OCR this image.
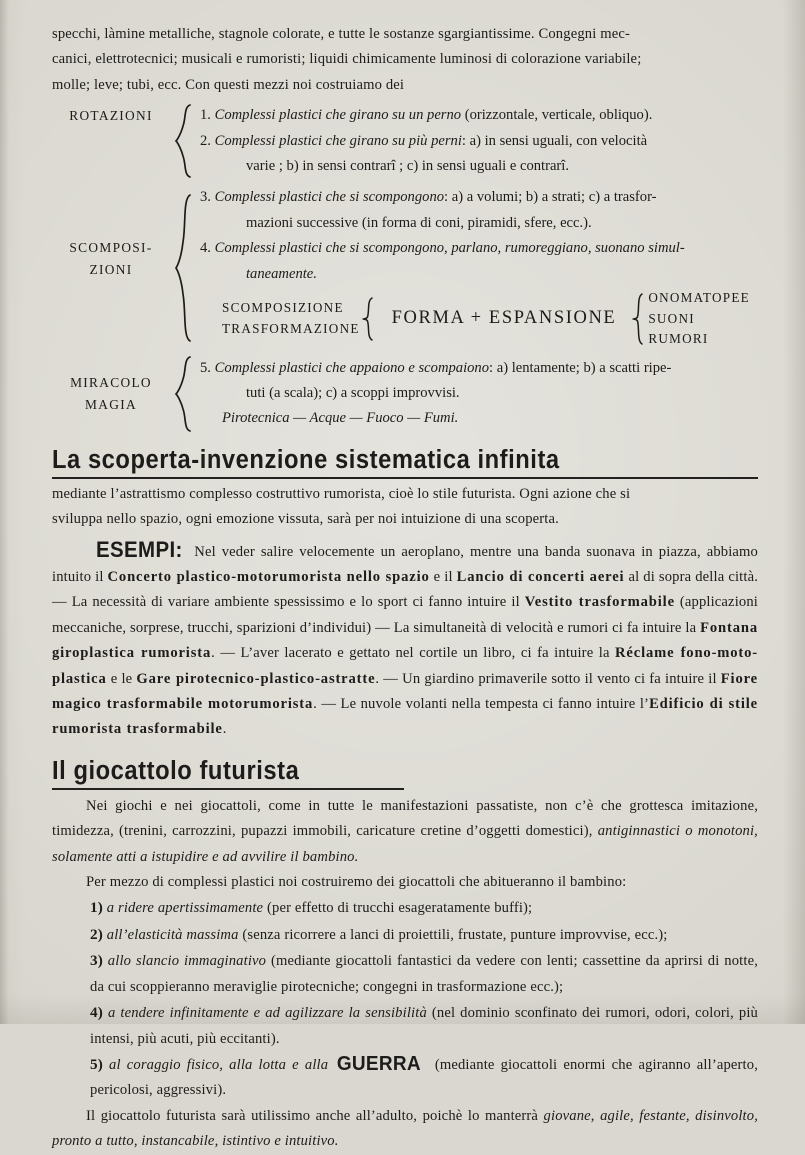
specchi, làmine metalliche, stagnole colorate, e tutte le sostanze sgargiantissime. Congegni mec-
canici, elettrotecnici; musicali e rumoristi; liquidi chimicamente luminosi di colorazione variabile;
molle; leve; tubi, ecc. Con questi mezzi noi costruiamo dei
ROTAZIONI	1. Complessi plastici che girano su un perno (orizzontale, verticale, obliquo).
2. Complessi plastici che girano su più perni: a) in sensi uguali, con velocità
varie ; b) in sensi contrarî ; c) in sensi uguali e contrarî.
SCOMPOSI-
ZIONI
3. Complessi plastici che si scompongono: a) a volumi; b) a strati; c) a trasfor-
mazioni successive (in forma di coni, piramidi, sfere, ecc.).
4. Complessi plastici che si scompongono, parlano, rumoreggiano, suonano simul-
taneamente.
SCOMPOSIZIONE
TRASFORMAZIONE
FORMA + ESPANSIONE
ONOMATOPEE
SUONI
RUMORI
MIRACOLO
MAGIA
5. Complessi plastici che appaiono e scompaiono: a) lentamente; b) a scatti ripe-
tuti (a scala); c) a scoppi improvvisi.
Pirotecnica — Acque — Fuoco — Fumi.
La scoperta-invenzione sistematica infinita
mediante l’astrattismo complesso costruttivo rumorista, cioè lo stile futurista. Ogni azione che si
sviluppa nello spazio, ogni emozione vissuta, sarà per noi intuizione di una scoperta.
ESEMPI: Nel veder salire velocemente un aeroplano, mentre una banda suonava in piazza, abbiamo intuito il Concerto plastico-motorumorista nello spazio e il Lancio di concerti aerei al di sopra della città. — La necessità di variare ambiente spessissimo e lo sport ci fanno intuire il Vestito trasformabile (applicazioni meccaniche, sorprese, trucchi, sparizioni d’individui) — La simultaneità di velocità e rumori ci fa intuire la Fontana giroplastica rumorista. — L’aver lacerato e gettato nel cortile un libro, ci fa intuire la Réclame fono-moto-plastica e le Gare pirotecnico-plastico-astratte. — Un giardino primaverile sotto il vento ci fa intuire il Fiore magico trasformabile motorumorista. — Le nuvole volanti nella tempesta ci fanno intuire l’Edificio di stile rumorista trasformabile.
Il giocattolo futurista
Nei giochi e nei giocattoli, come in tutte le manifestazioni passatiste, non c’è che grottesca imitazione, timidezza, (trenini, carrozzini, pupazzi immobili, caricature cretine d’oggetti domestici), antiginnastici o monotoni, solamente atti a istupidire e ad avvilire il bambino.
Per mezzo di complessi plastici noi costruiremo dei giocattoli che abitueranno il bambino:
1) a ridere apertissimamente (per effetto di trucchi esageratamente buffi);
2) all’elasticità massima (senza ricorrere a lanci di proiettili, frustate, punture improvvise, ecc.);
3) allo slancio immaginativo (mediante giocattoli fantastici da vedere con lenti; cassettine da aprirsi di notte, da cui scoppieranno meraviglie pirotecniche; congegni in trasformazione ecc.);
4) a tendere infinitamente e ad agilizzare la sensibilità (nel dominio sconfinato dei rumori, odori, colori, più intensi, più acuti, più eccitanti).
5) al coraggio fisico, alla lotta e alla GUERRA (mediante giocattoli enormi che agiranno all’aperto, pericolosi, aggressivi).
Il giocattolo futurista sarà utilissimo anche all’adulto, poichè lo manterrà giovane, agile, festante, disinvolto, pronto a tutto, instancabile, istintivo e intuitivo.
